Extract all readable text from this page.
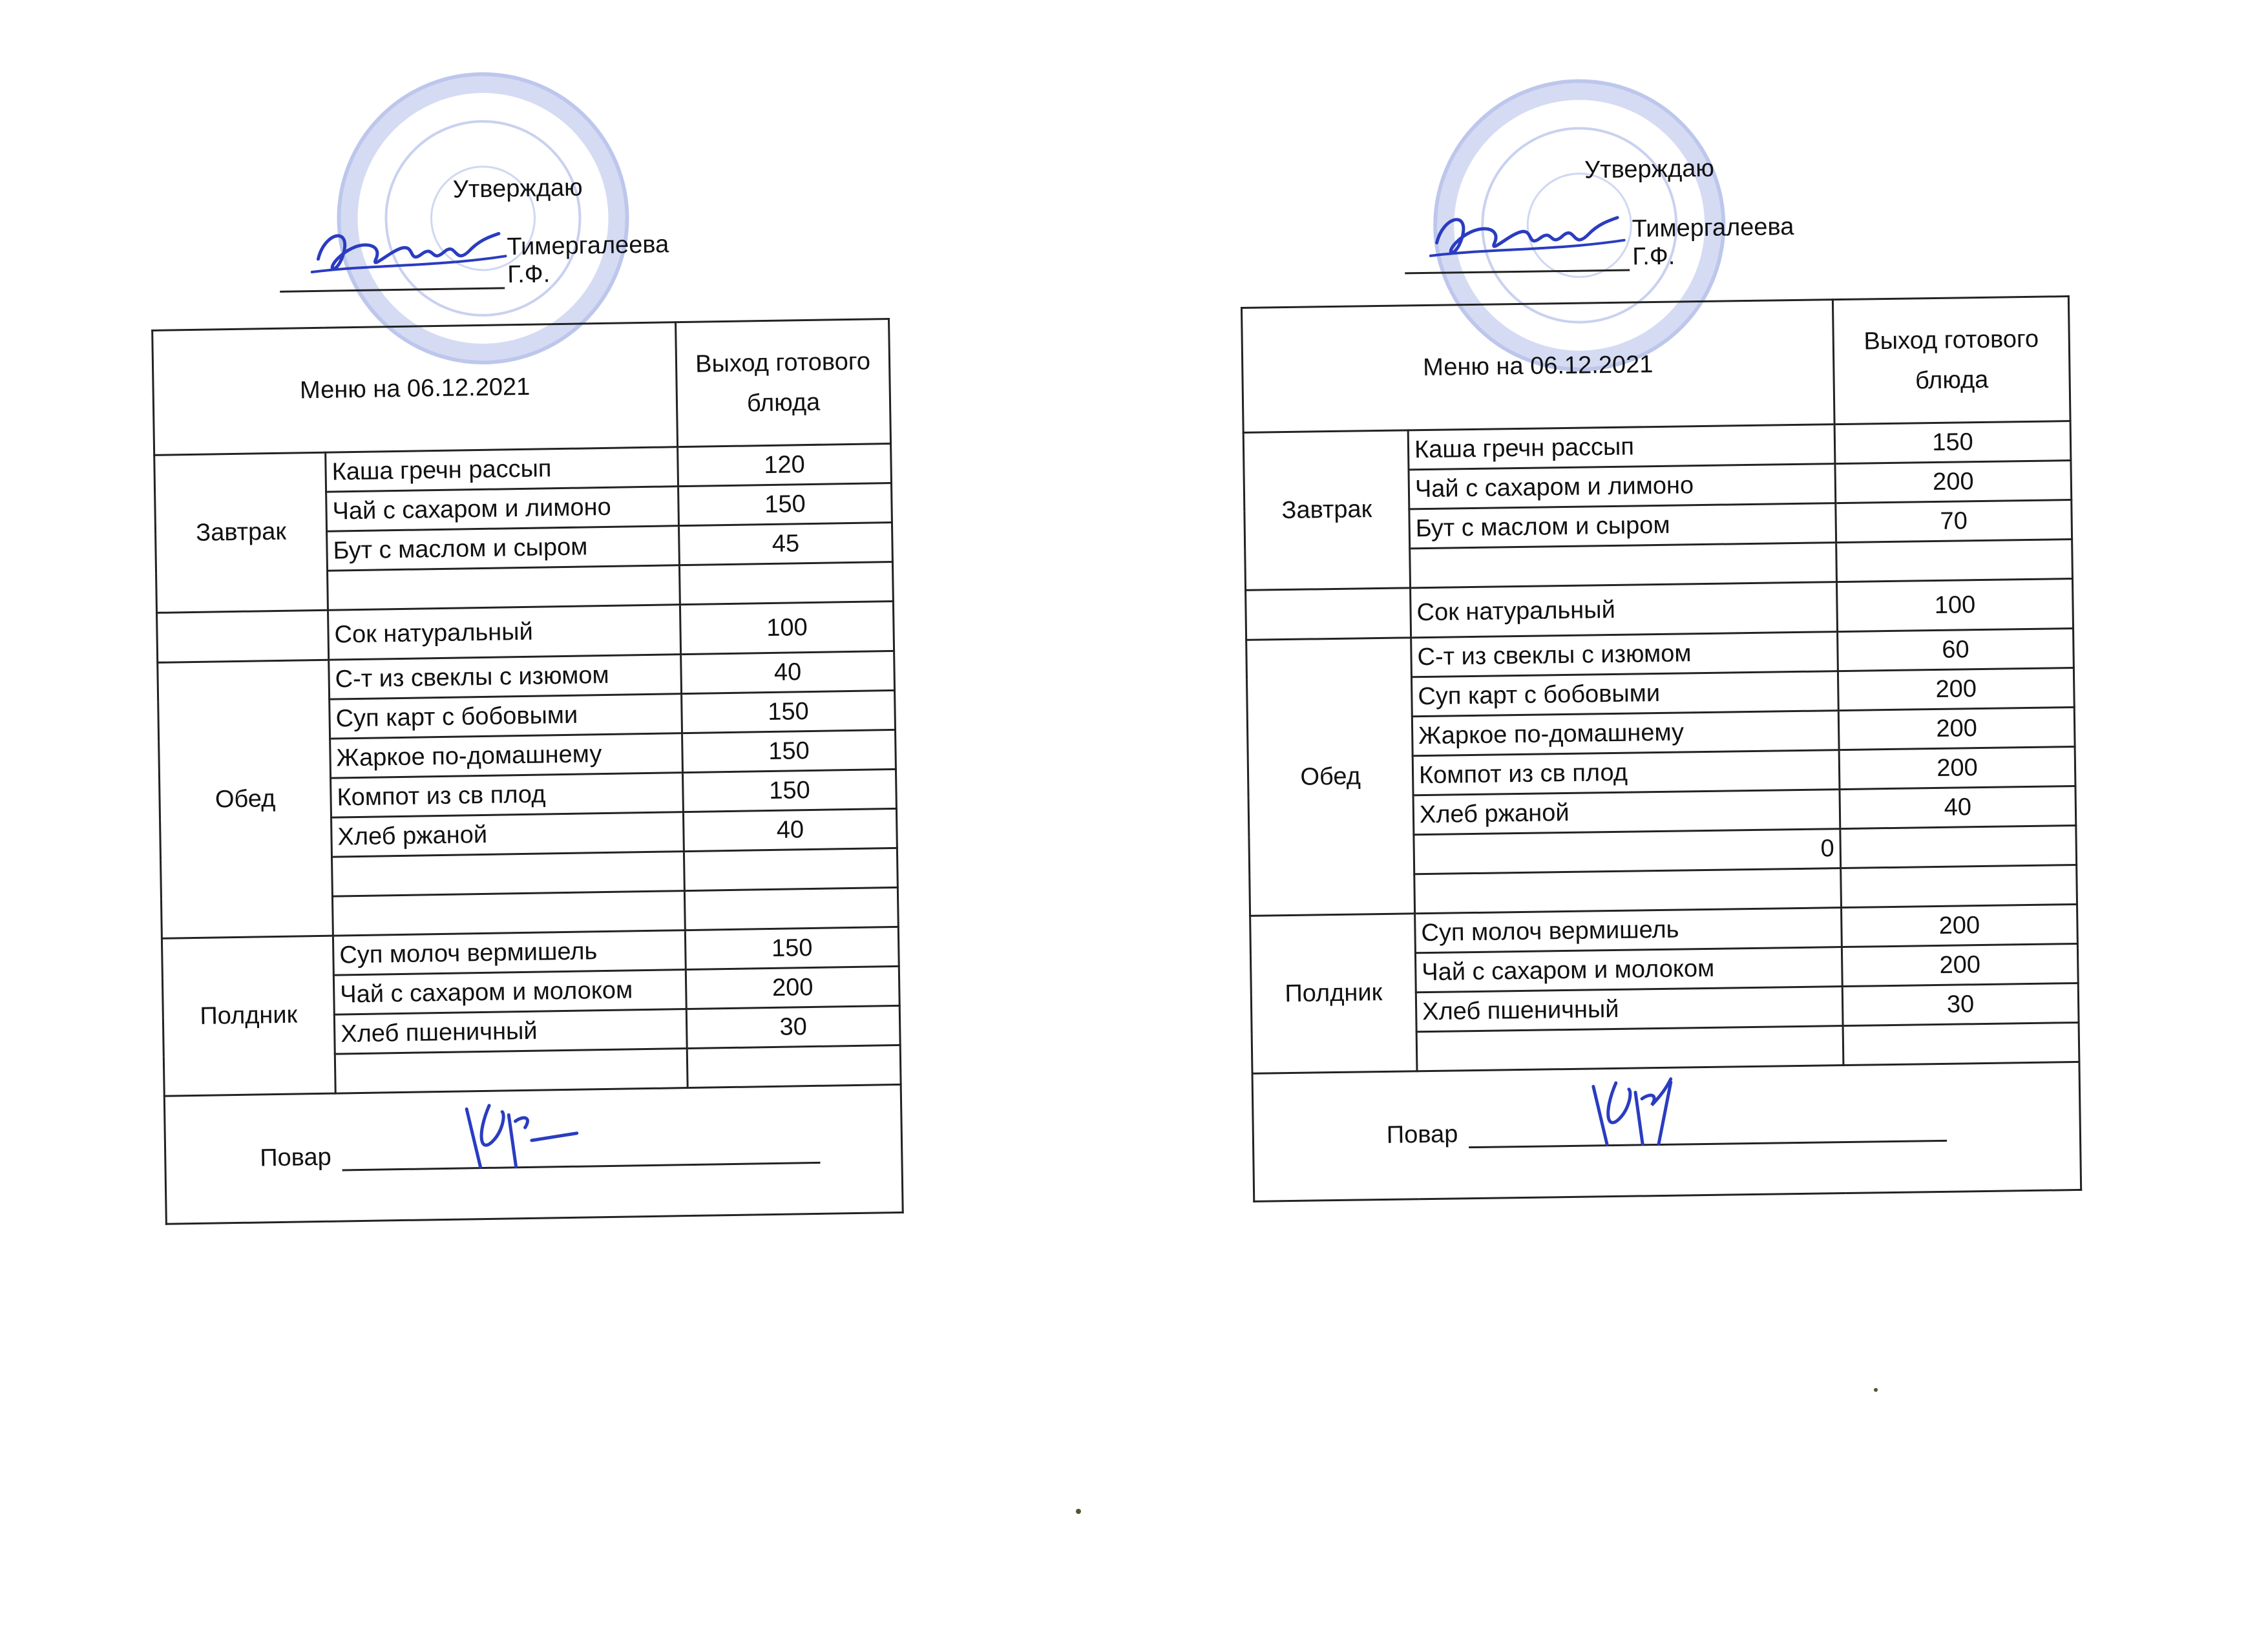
Утверждаю
Тимергалеева Г.Ф.
Меню на 06.12.2021		Выход готового
блюда
Завтрак	Каша гречн рассып	120
	Чай с сахаром и лимоно	150
	Бут с маслом и сыром	45

	Сок натуральный	100
Обед	С-т из свеклы с изюмом	40
	Суп карт с бобовыми	150
	Жаркое по-домашнему	150
	Компот из св плод	150
	Хлеб ржаной	40

Полдник	Суп молоч вермишель	150
	Чай с сахаром и молоком	200
	Хлеб пшеничный	30

Повар		
Утверждаю
Тимергалеева Г.Ф.
Меню на 06.12.2021		Выход готового
блюда
Завтрак	Каша гречн рассып	150
	Чай с сахаром и лимоно	200
	Бут с маслом и сыром	70

	Сок натуральный	100
Обед	С-т из свеклы с изюмом	60
	Суп карт с бобовыми	200
	Жаркое по-домашнему	200
	Компот из св плод	200
	Хлеб ржаной	40
	0	

Полдник	Суп молоч вермишель	200
	Чай с сахаром и молоком	200
	Хлеб пшеничный	30

Повар		
